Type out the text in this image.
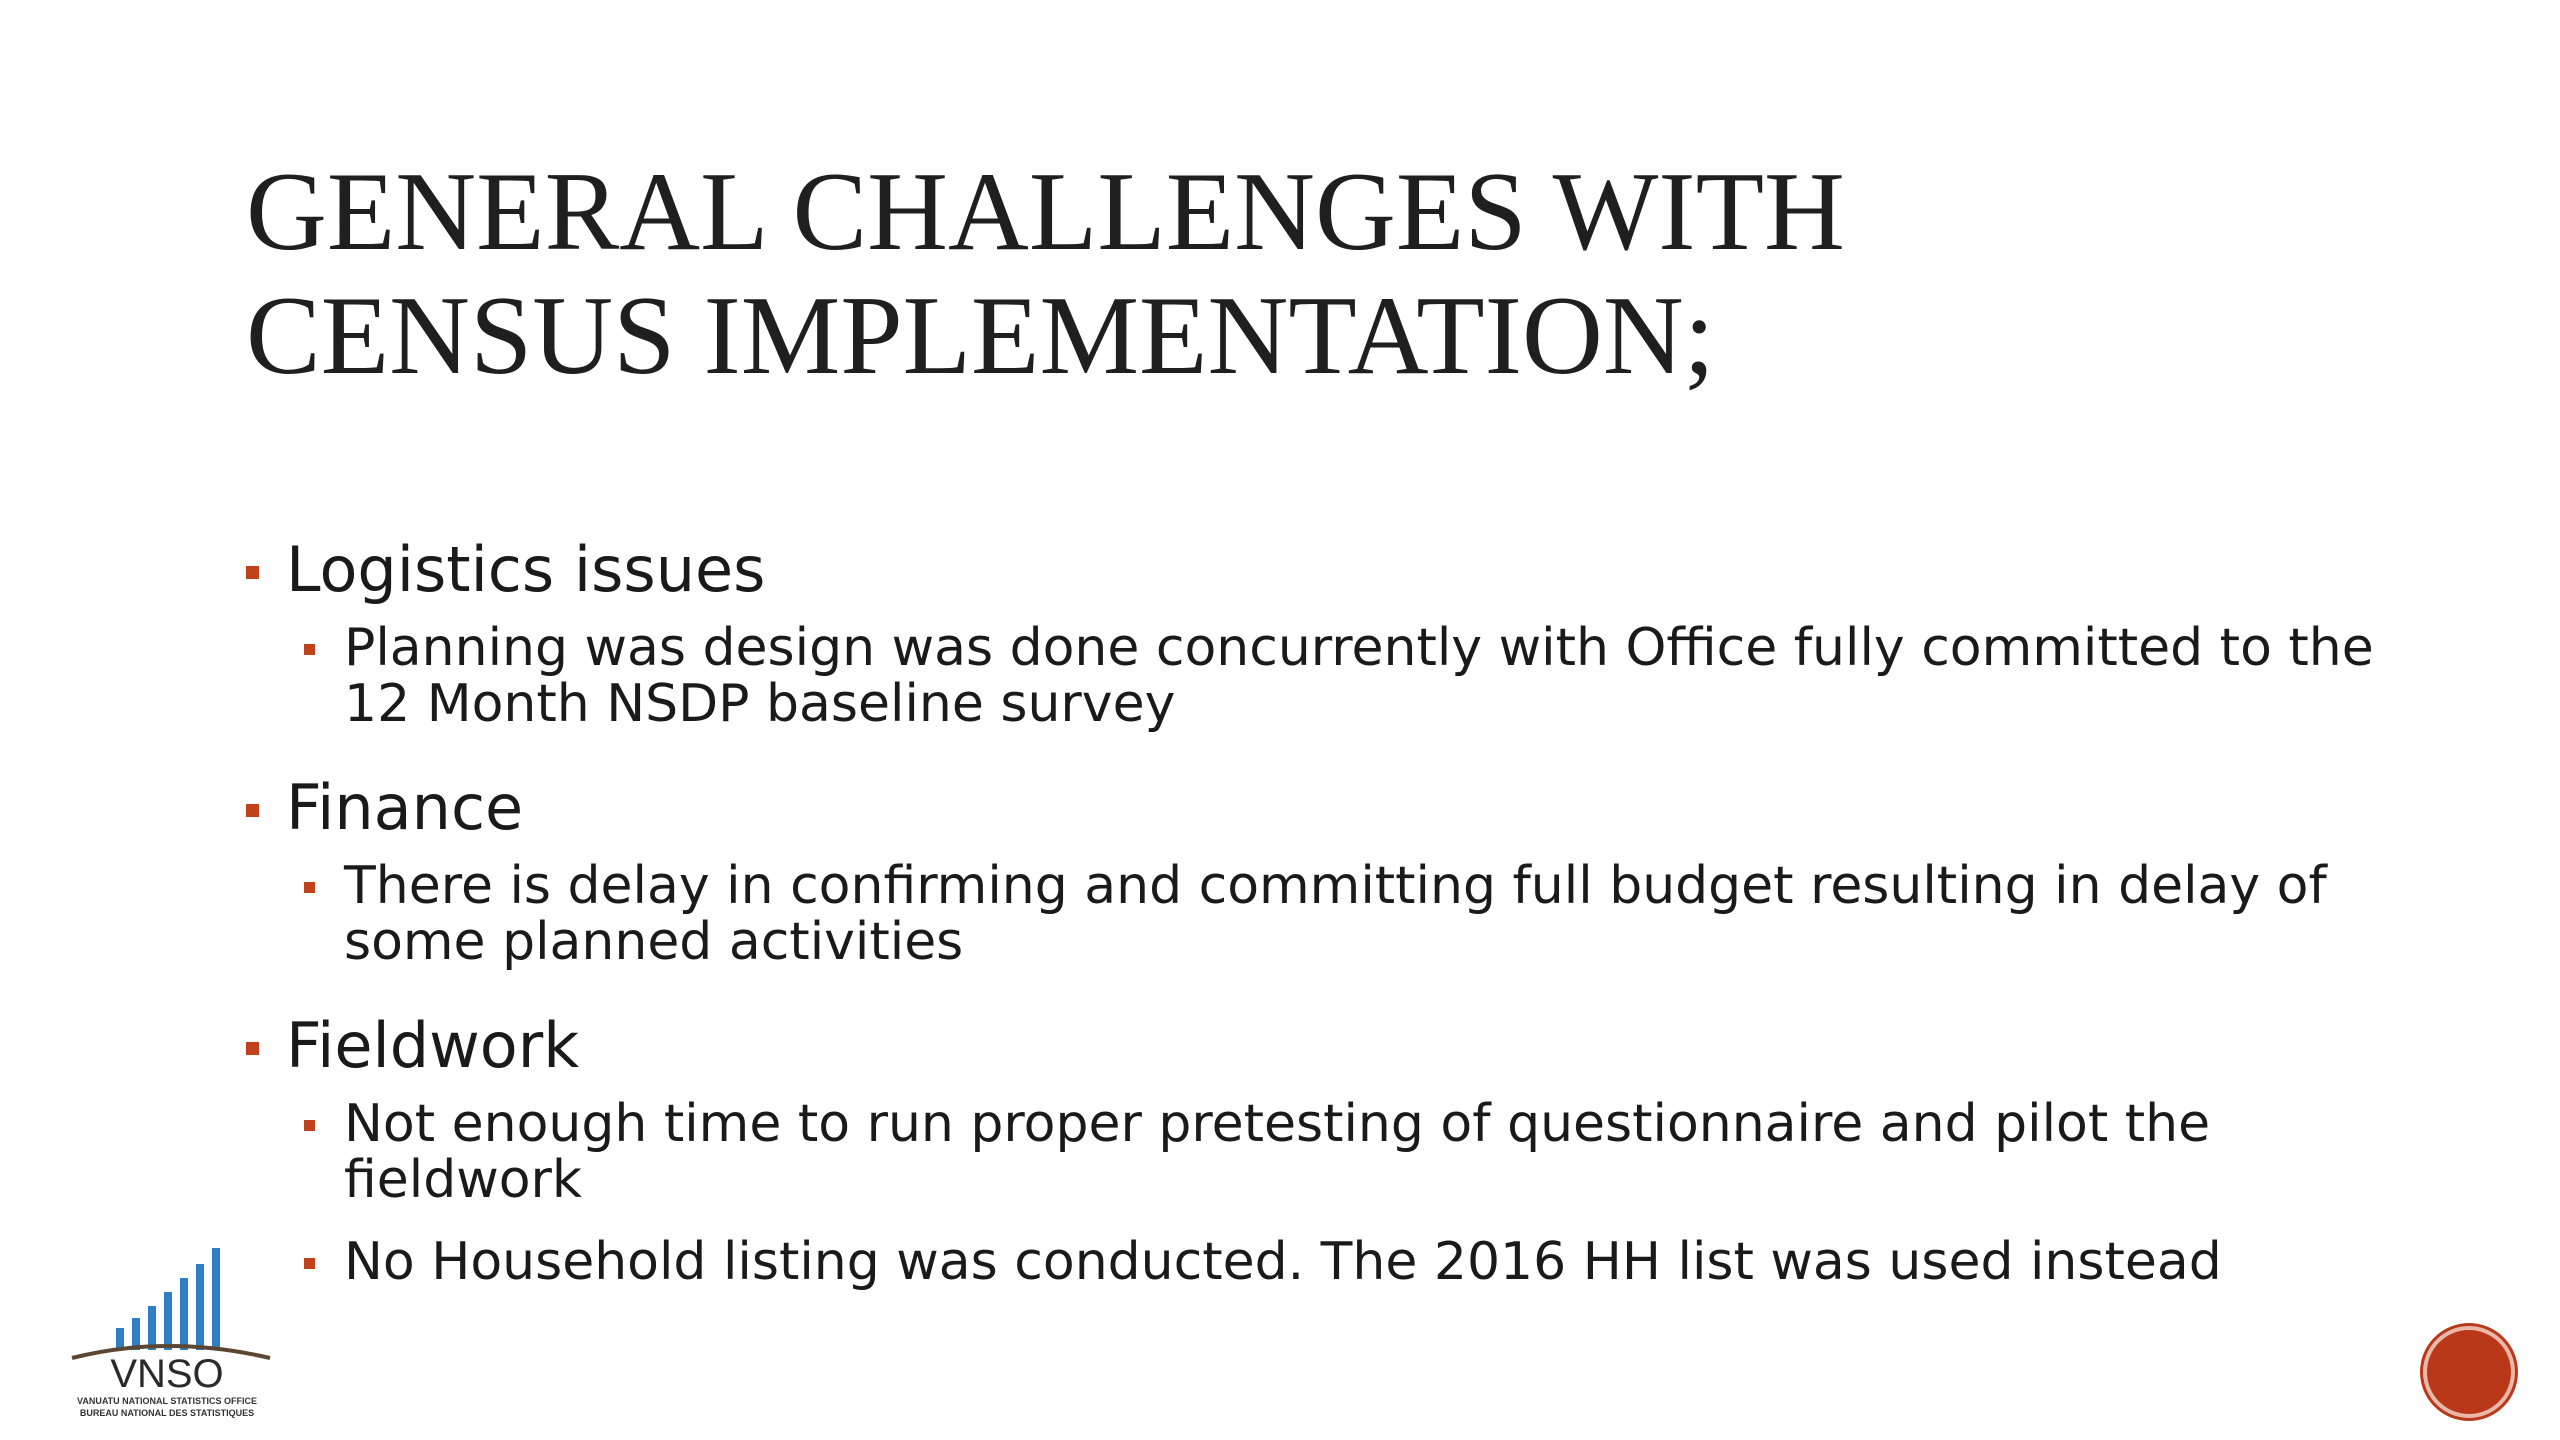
GENERAL CHALLENGES WITH
CENSUS IMPLEMENTATION;
Logistics issues
Planning was design was done concurrently with Office fully committed to the 12 Month NSDP baseline survey
Finance
There is delay in confirming and committing full budget resulting in delay of some planned activities
Fieldwork
Not enough time to run proper pretesting of questionnaire and pilot the fieldwork
No Household listing was conducted. The 2016 HH list was used instead
VNSO
VANUATU NATIONAL STATISTICS OFFICE
BUREAU NATIONAL DES STATISTIQUES
